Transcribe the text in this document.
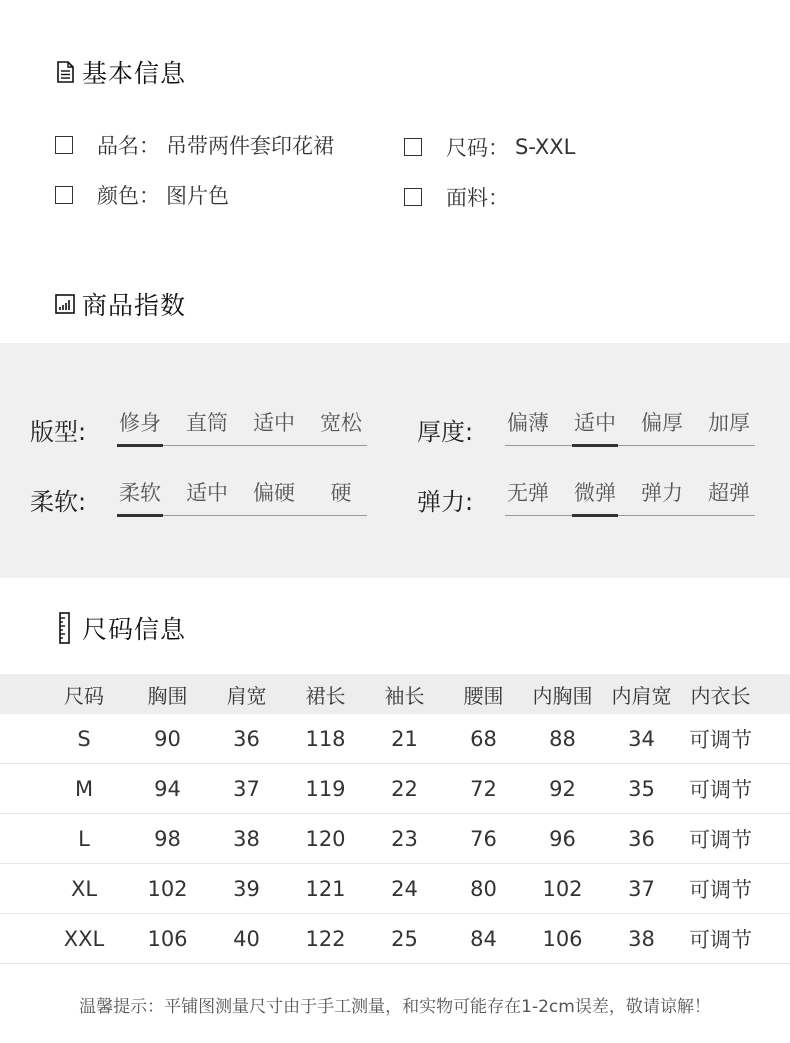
基本信息
品名： 吊带两件套印花裙	尺码： S-XXL
颜色： 图片色	面料：
商品指数
版型: 修身 直筒 适中 宽松 厚度: 偏薄 适中 偏厚 加厚
柔软: 柔软 适中 偏硬	硬	弹力: 无弹 微弹 弹力 超弹
尺码信息
尺码	胸围	肩宽	裙长	袖长	腰围	内胸围 内肩宽 内衣长
S	90	36	118	21	68	88	34	可调节
M	94	37	119	22	72	92	35	可调节
L	98	38	120	23	76	96	36	可调节
XL	102	39	121	24	80	102	37	可调节
XXL	106	40	122	25	84	106	38	可调节
温馨提示：平铺图测量尺寸由于手工测量，和实物可能存在1-2cm误差，敬请谅解！
